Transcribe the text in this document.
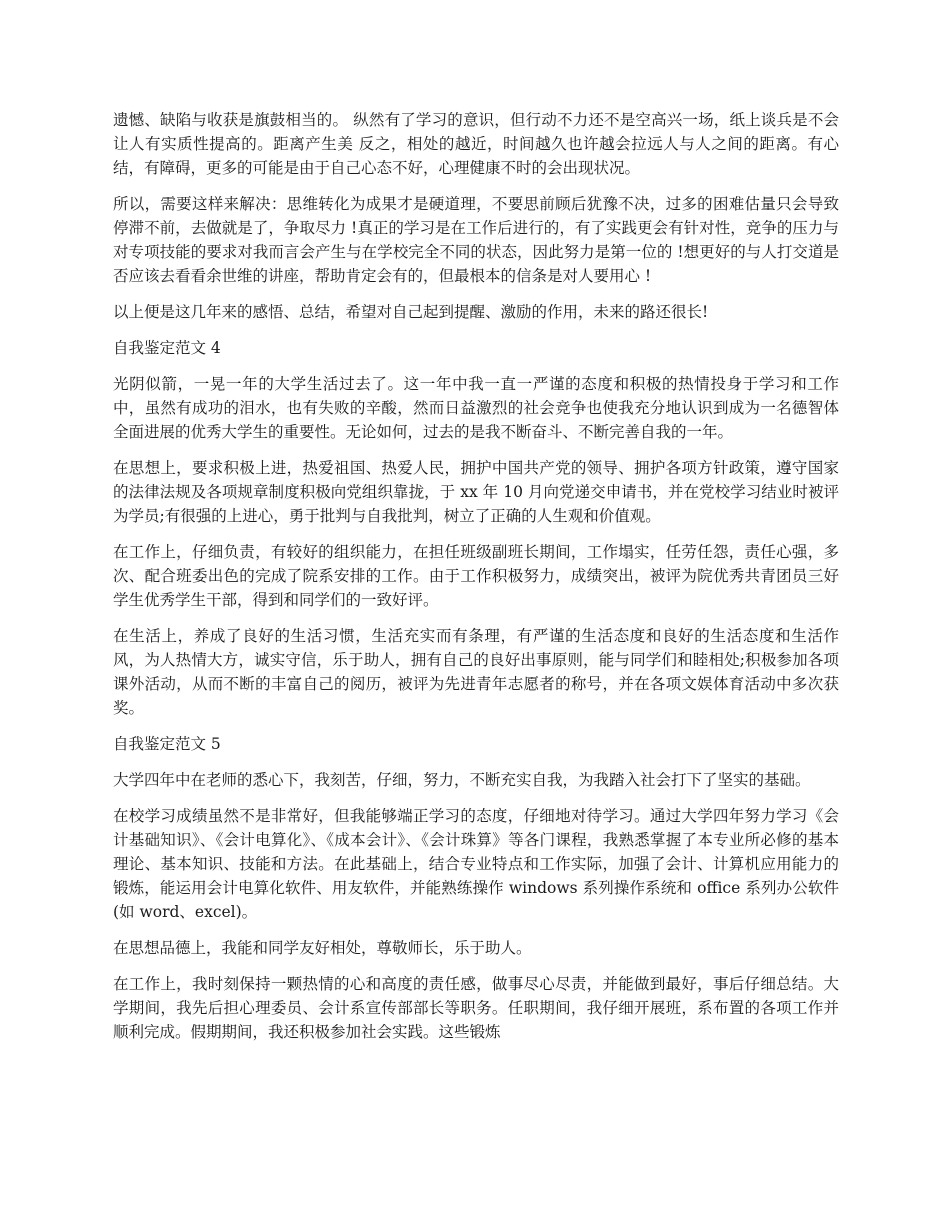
遗憾、缺陷与收获是旗鼓相当的。 纵然有了学习的意识，但行动不力还不是空高兴一场，纸上谈兵是不会让人有实质性提高的。距离产生美 反之，相处的越近，时间越久也许越会拉远人与人之间的距离。有心结，有障碍，更多的可能是由于自己心态不好，心理健康不时的会出现状况。

所以，需要这样来解决：思维转化为成果才是硬道理，不要思前顾后犹豫不决，过多的困难估量只会导致停滞不前，去做就是了，争取尽力 !真正的学习是在工作后进行的，有了实践更会有针对性，竞争的压力与对专项技能的要求对我而言会产生与在学校完全不同的状态，因此努力是第一位的 !想更好的与人打交道是否应该去看看余世维的讲座，帮助肯定会有的，但最根本的信条是对人要用心 !

以上便是这几年来的感悟、总结，希望对自己起到提醒、激励的作用，未来的路还很长!

自我鉴定范文 4

光阴似箭，一晃一年的大学生活过去了。这一年中我一直一严谨的态度和积极的热情投身于学习和工作中，虽然有成功的泪水，也有失败的辛酸，然而日益激烈的社会竞争也使我充分地认识到成为一名德智体全面进展的优秀大学生的重要性。无论如何，过去的是我不断奋斗、不断完善自我的一年。

在思想上，要求积极上进，热爱祖国、热爱人民，拥护中国共产党的领导、拥护各项方针政策，遵守国家的法律法规及各项规章制度积极向党组织靠拢，于 xx 年 10 月向党递交申请书，并在党校学习结业时被评为学员;有很强的上进心，勇于批判与自我批判，树立了正确的人生观和价值观。

在工作上，仔细负责，有较好的组织能力，在担任班级副班长期间，工作塌实，任劳任怨，责任心强，多次、配合班委出色的完成了院系安排的工作。由于工作积极努力，成绩突出，被评为院优秀共青团员三好学生优秀学生干部，得到和同学们的一致好评。

在生活上，养成了良好的生活习惯，生活充实而有条理，有严谨的生活态度和良好的生活态度和生活作风，为人热情大方，诚实守信，乐于助人，拥有自己的良好出事原则，能与同学们和睦相处;积极参加各项课外活动，从而不断的丰富自己的阅历，被评为先进青年志愿者的称号，并在各项文娱体育活动中多次获奖。

自我鉴定范文 5

大学四年中在老师的悉心下，我刻苦，仔细，努力，不断充实自我，为我踏入社会打下了坚实的基础。

在校学习成绩虽然不是非常好，但我能够端正学习的态度，仔细地对待学习。通过大学四年努力学习《会计基础知识》、《会计电算化》、《成本会计》、《会计珠算》等各门课程，我熟悉掌握了本专业所必修的基本理论、基本知识、技能和方法。在此基础上，结合专业特点和工作实际，加强了会计、计算机应用能力的锻炼，能运用会计电算化软件、用友软件，并能熟练操作 windows 系列操作系统和 office 系列办公软件(如 word、excel)。

在思想品德上，我能和同学友好相处，尊敬师长，乐于助人。

在工作上，我时刻保持一颗热情的心和高度的责任感，做事尽心尽责，并能做到最好，事后仔细总结。大学期间，我先后担心理委员、会计系宣传部部长等职务。任职期间，我仔细开展班，系布置的各项工作并顺利完成。假期期间，我还积极参加社会实践。这些锻炼
